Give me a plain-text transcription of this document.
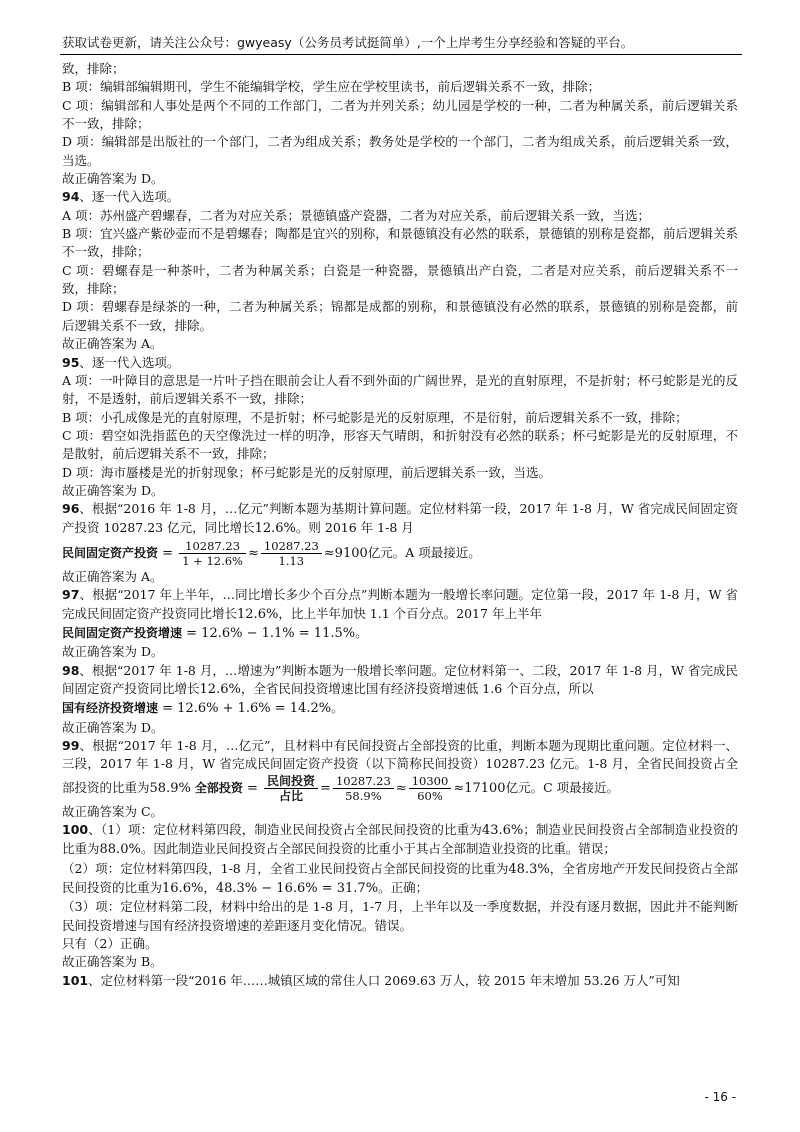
获取试卷更新，请关注公众号：gwyeasy（公务员考试挺简单）,一个上岸考生分享经验和答疑的平台。

致，排除；

B 项：编辑部编辑期刊，学生不能编辑学校，学生应在学校里读书，前后逻辑关系不一致，排除；

C 项：编辑部和人事处是两个不同的工作部门，二者为并列关系；幼儿园是学校的一种，二者为种属关系，前后逻辑关系不一致，排除；

D 项：编辑部是出版社的一个部门，二者为组成关系；教务处是学校的一个部门，二者为组成关系，前后逻辑关系一致，当选。

故正确答案为 D。

94、逐一代入选项。

A 项：苏州盛产碧螺春，二者为对应关系；景德镇盛产瓷器，二者为对应关系，前后逻辑关系一致，当选；

B 项：宜兴盛产紫砂壶而不是碧螺春；陶都是宜兴的别称，和景德镇没有必然的联系，景德镇的别称是瓷都，前后逻辑关系不一致，排除；

C 项：碧螺春是一种茶叶，二者为种属关系；白瓷是一种瓷器，景德镇出产白瓷，二者是对应关系，前后逻辑关系不一致，排除；

D 项：碧螺春是绿茶的一种，二者为种属关系；锦都是成都的别称，和景德镇没有必然的联系，景德镇的别称是瓷都，前后逻辑关系不一致，排除。

故正确答案为 A。

95、逐一代入选项。

A 项：一叶障目的意思是一片叶子挡在眼前会让人看不到外面的广阔世界，是光的直射原理，不是折射；杯弓蛇影是光的反射，不是透射，前后逻辑关系不一致，排除；

B 项：小孔成像是光的直射原理，不是折射；杯弓蛇影是光的反射原理，不是衍射，前后逻辑关系不一致，排除；

C 项：碧空如洗指蓝色的天空像洗过一样的明净，形容天气晴朗，和折射没有必然的联系；杯弓蛇影是光的反射原理，不是散射，前后逻辑关系不一致，排除；

D 项：海市蜃楼是光的折射现象；杯弓蛇影是光的反射原理，前后逻辑关系一致，当选。

故正确答案为 D。

96、根据“2016 年 1-8 月，…亿元”判断本题为基期计算问题。定位材料第一段，2017 年 1-8 月，W 省完成民间固定资产投资 10287.23 亿元，同比增长12.6%。则 2016 年 1-8 月

民间固定资产投资 = $\frac{10287.23}{1 + 12.6\%} \approx \frac{10287.23}{1.13} \approx 9100$亿元。A 项最接近。

故正确答案为 A。

97、根据“2017 年上半年，…同比增长多少个百分点”判断本题为一般增长率问题。定位第一段，2017 年 1-8 月，W 省完成民间固定资产投资同比增长12.6%，比上半年加快 1.1 个百分点。2017 年上半年

民间固定资产投资增速 = 12.6% − 1.1% = 11.5%。

故正确答案为 D。

98、根据“2017 年 1-8 月，…增速为”判断本题为一般增长率问题。定位材料第一、二段，2017 年 1-8 月，W 省完成民间固定资产投资同比增长12.6%，全省民间投资增速比国有经济投资增速低 1.6 个百分点，所以

国有经济投资增速 = 12.6% + 1.6% = 14.2%。

故正确答案为 D。

99、根据“2017 年 1-8 月，…亿元”，且材料中有民间投资占全部投资的比重，判断本题为现期比重问题。定位材料一、三段，2017 年 1-8 月，W 省完成民间固定资产投资（以下简称民间投资）10287.23 亿元。1-8 月，全省民间投资占全部投资的比重为58.9% 全部投资 = $\frac{\text{民间投资}}{\text{占比}} = \frac{10287.23}{58.9\%} \approx \frac{10300}{60\%} \approx 17100$亿元。C 项最接近。

故正确答案为 C。

100、（1）项：定位材料第四段，制造业民间投资占全部民间投资的比重为43.6%；制造业民间投资占全部制造业投资的比重为88.0%。因此制造业民间投资占全部民间投资的比重小于其占全部制造业投资的比重。错误；

（2）项：定位材料第四段，1-8 月，全省工业民间投资占全部民间投资的比重为48.3%，全省房地产开发民间投资占全部民间投资的比重为16.6%，48.3% − 16.6% = 31.7%。正确；

（3）项：定位材料第二段，材料中给出的是 1-8 月，1-7 月，上半年以及一季度数据，并没有逐月数据，因此并不能判断民间投资增速与国有经济投资增速的差距逐月变化情况。错误。

只有（2）正确。

故正确答案为 B。

101、定位材料第一段“2016 年……城镇区域的常住人口 2069.63 万人，较 2015 年末增加 53.26 万人”可知

- 16 -
